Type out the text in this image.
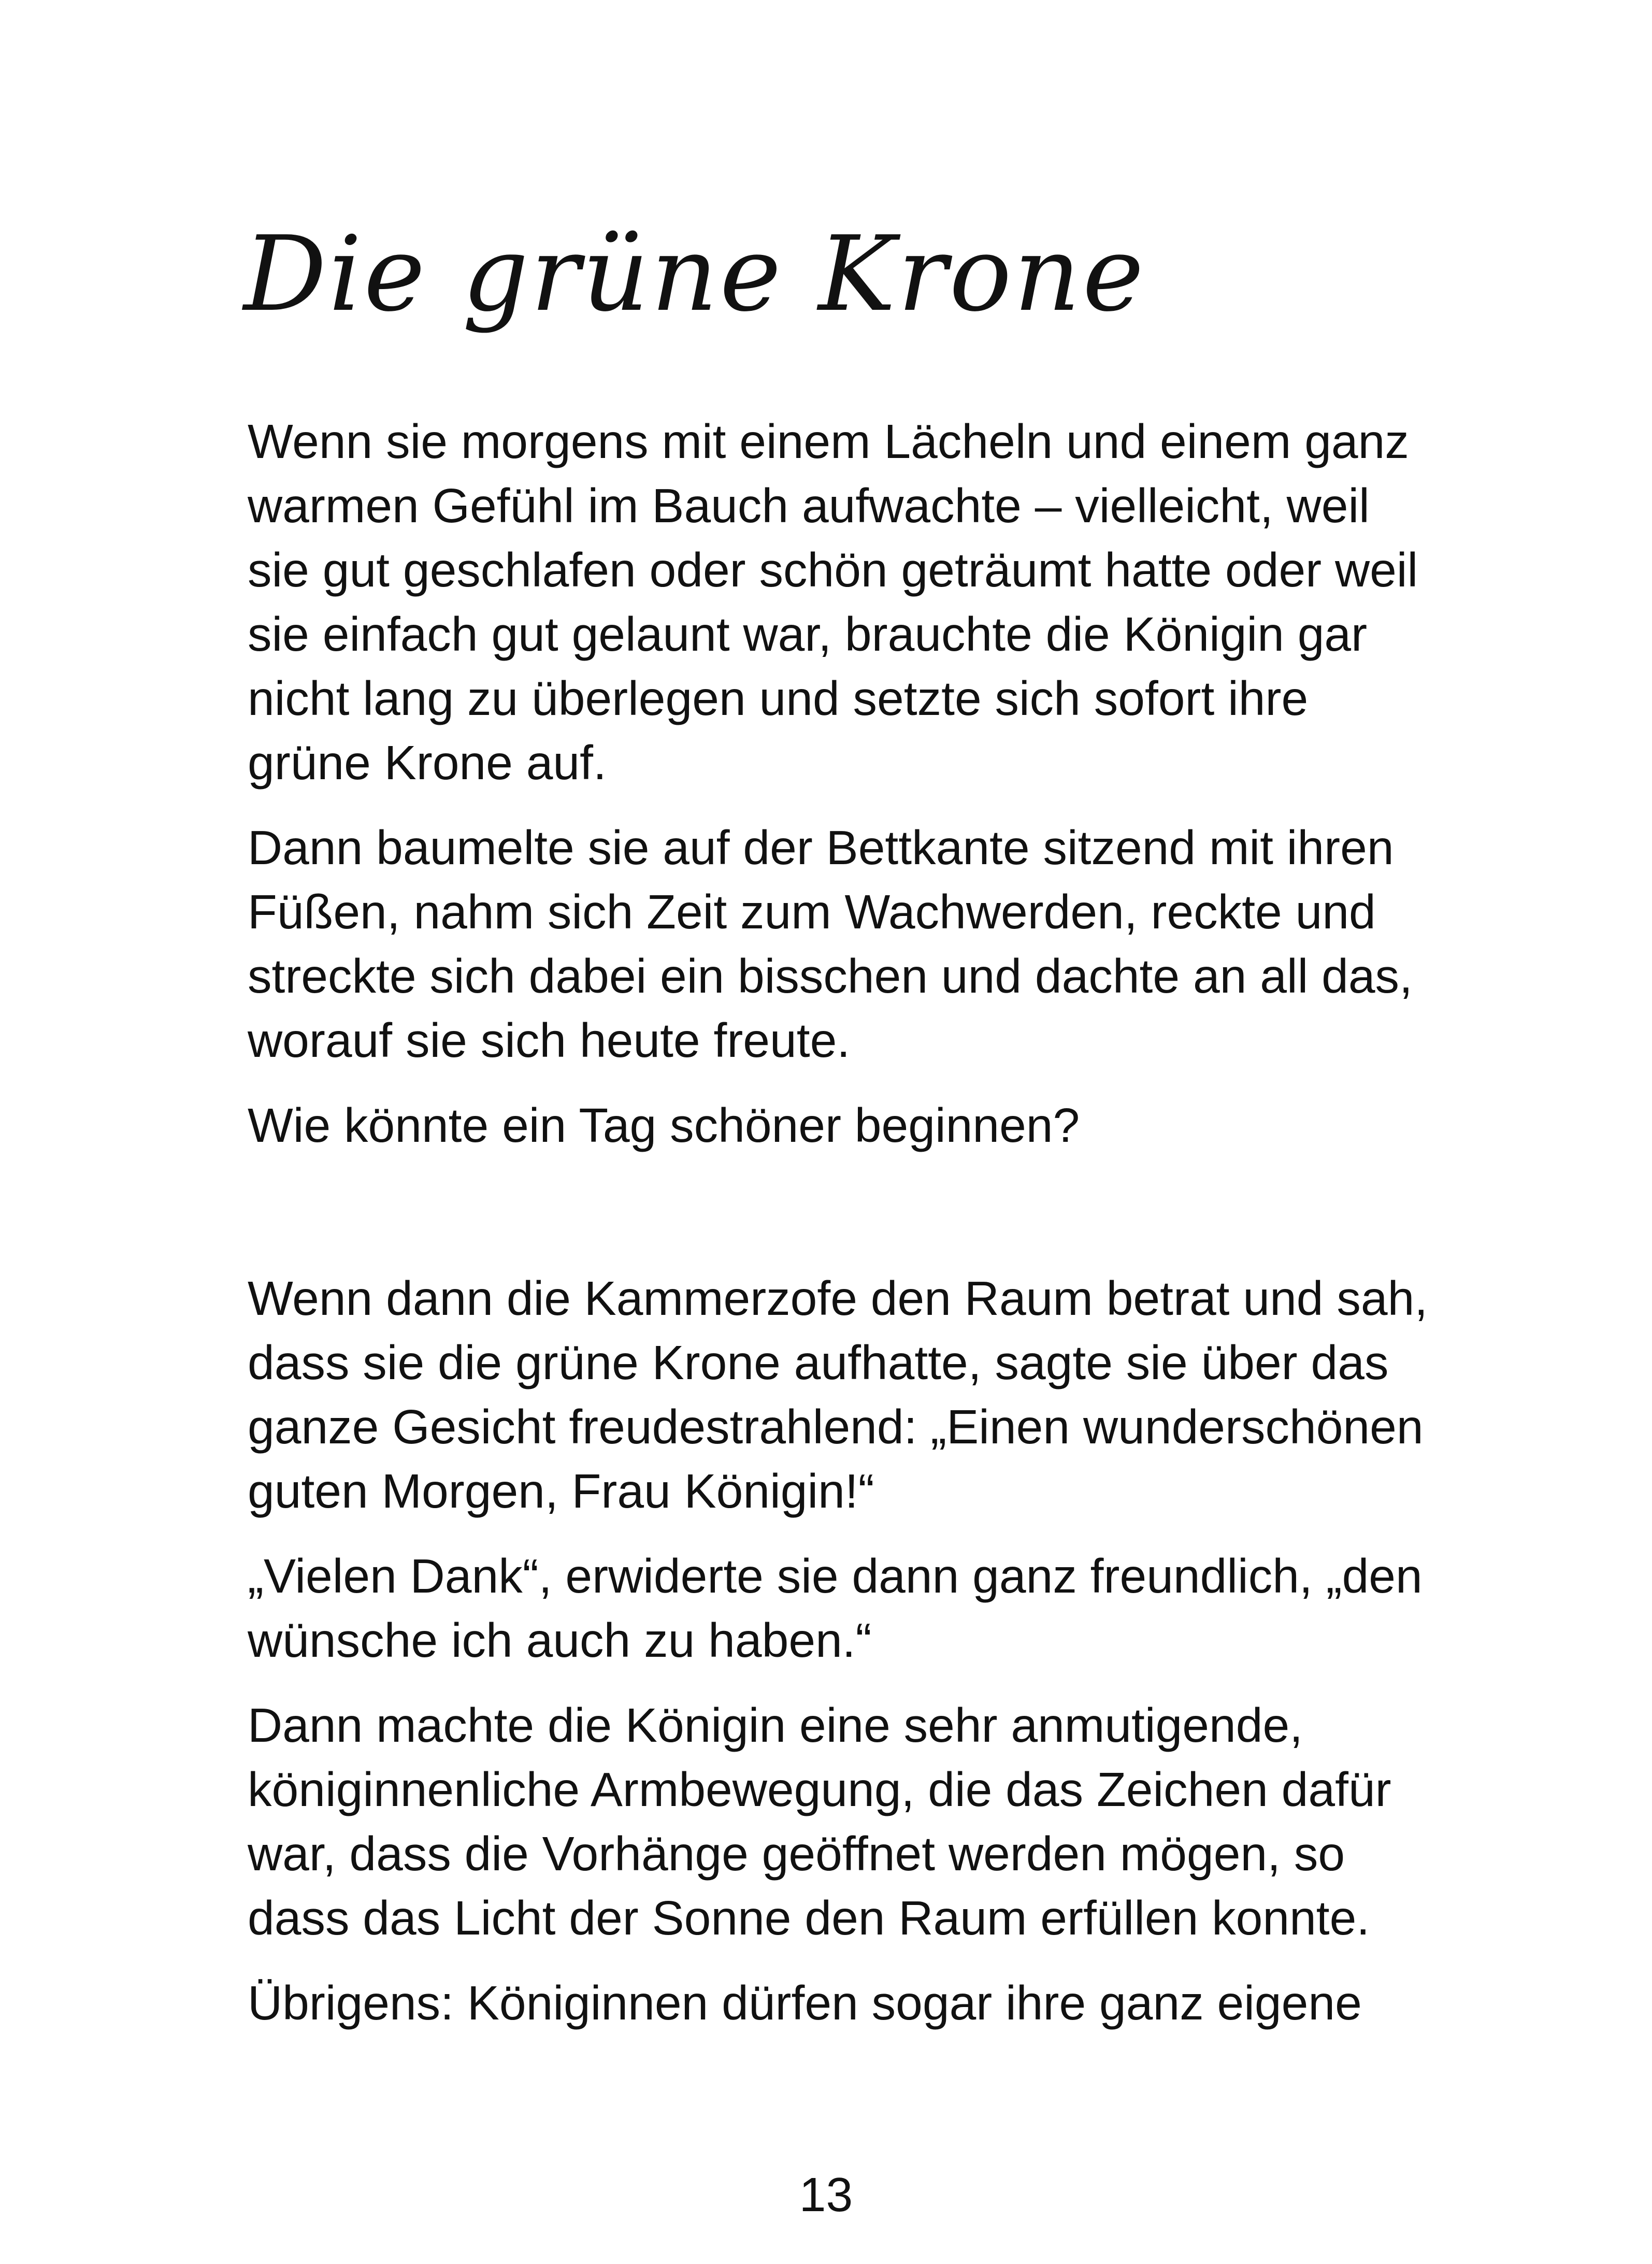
Die grüne Krone

Wenn sie morgens mit einem Lächeln und einem ganz warmen Gefühl im Bauch aufwachte – vielleicht, weil sie gut geschlafen oder schön geträumt hatte oder weil sie einfach gut gelaunt war, brauchte die Königin gar nicht lang zu überlegen und setzte sich sofort ihre grüne Krone auf.

Dann baumelte sie auf der Bettkante sitzend mit ihren Füßen, nahm sich Zeit zum Wachwerden, reckte und streckte sich dabei ein bisschen und dachte an all das, worauf sie sich heute freute.

Wie könnte ein Tag schöner beginnen?

Wenn dann die Kammerzofe den Raum betrat und sah, dass sie die grüne Krone aufhatte, sagte sie über das ganze Gesicht freudestrahlend: „Einen wunderschönen guten Morgen, Frau Königin!“

„Vielen Dank“, erwiderte sie dann ganz freundlich, „den wünsche ich auch zu haben.“

Dann machte die Königin eine sehr anmutigende, königinnenliche Armbewegung, die das Zeichen dafür war, dass die Vorhänge geöffnet werden mögen, so dass das Licht der Sonne den Raum erfüllen konnte.

Übrigens: Königinnen dürfen sogar ihre ganz eigene

13
